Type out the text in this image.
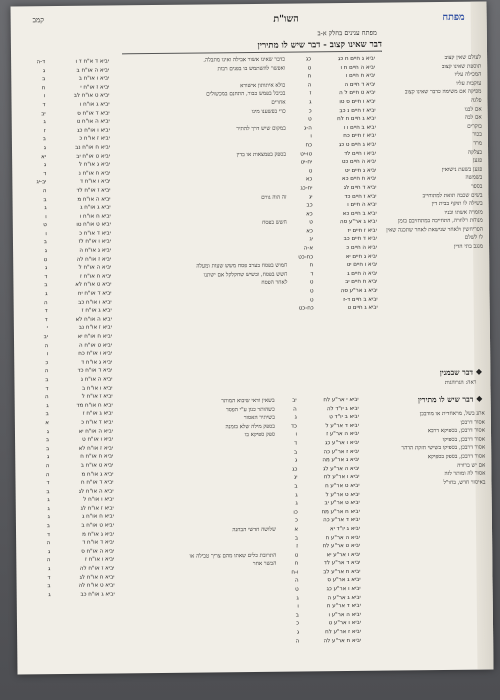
מפתח
השו"ת
קמב
מפתח ענינים בחלק א-ב
דבר שאינו קצוב - דבר שיש לו מתירין
לעולם שאין קצוב
תוספת שאינו קצוב
המכילה עליו
עוקבות עליו
מפיקה אם משימה כדבר שאינו קצוב
פלגה
אם לבנו
אם לבה
בוקרים
בכור
מרד
בצלקה
פגען
פגען בשעת נישואין
בשמשה
בספר
בשים שכבה תואת למתוחייב
בשילה לו תוקף בבית דין
מזמרה אשתו ובניו
מנוחת רלוזרה, התחייבה במתחזיבם בזמן
הפריחשין ולאחר שגישאת לאחר שתכנה שאין
לו לשלם
מנגב בתי הדין
❖ דבר שבמנין
ראה: הגרוהגות
❖ דבר שיש לו מתירין
אתנ בשל, מראחדית או מודבכן
אסור דרבכן
אסור דרבכן, בספיקא דרבא
אסור דרבכן, בספיקו
אסור דרבכן, בספיקו בשישי חזקת הדהר
אסור דרבכן, בספק בספיקא
אם יש ברורה
אסור לה ומותר לזה
באיסור חדש, בחו"ל
יביא ג חיים ח כג
יביא ה חיים ח ו
יביא ח חיים ו
יביא ד חיים ה
יביא ט חיים ל ה
יביא ו חיים ס טו
יביא ז חיים נ כב
יביא ג חיים ח לח
יביא ב חיים ו ו
יביא ז חיים כח
יביא ג חיים ט כג
יביא ו חיים לד
יביא ה חיים כט
יביא ג חיים יט
יביא ח חיים כא
יביא ד חיים לג
יביא ז חיים כד
יביא ה חיים ו
יביא ב חיים כא
יביא ג אר"ע סה
יביא ז חיים יז
יביא ד חיים כב
יביא ה חיים כ
יביא ג חיים יא
יביא ו חיים יט
יביא ה חיים ג
יביא ח חיים יב
יביא ג אר"ע סה
יביא ב חיים ד-ז
יביא ג חיים ט
כג
ט
ח
ה
ז
ג
כ
ט
ה-ג
ו
כח
טו-יט
יח-יט
ט
כא
יח-כג
יג
כב
כא
ט
כא
יג
א-ה
כח-כט
ח
ד
ט
ט
ט
כח-כט
כדבר שאינו אשור אבילה ואינו מתבלה.
ואפשר להשתמש בו בפנים רבות
כולא איתותון אישורא
בכיבל בפמש כבור, התחנם במכשולים
אחרים
כדי בפשענו מינו
במקום שיש דרך להתיר
בספק בפמצאות או בדין
זה הוה גורם
חשש בפסח
חמוש בפסח בערב פסח משש שעות ומעלה
חשש בפסח, ובשיש שחקלקל אם ישתנו
לאחר הפסח
יביא י אר"ע לח
יביא ג יו"ד לה
יביא ב יו"ד ט
יביא ד אר"ע ל
יביא ה אר"ע ז
יביא ו אר"ע כג
יביא ז אר"ע כה
יביא ג אר"ע מה
יביא ה אר"ע לג
יביא ו אר"ע לח
יביא ט אר"ע ח
יביא ט אר"ע ל
יביא ט אר"ע יב
יביא ח אר"ע מח
יביא ד אר"ע כה
יביא ג יו"ד יא
יביא ה אר"ע ח
יביא ט אר"ע לח
יביא ו אר"ע יא
יביא ד אר"ע לד
יביא ח אר"ע לב
יביא ג אר"ע ס
יביא ו אר"ע כג
יביא ג אר"ע ה
יביא ד אר"ע ח
יביא ה אר"ע ו
יביא ו אר"ע ט
יביא ז אר"ע לח
יביא ח אר"ע לה
יב
ה
ג
כד
ו
ד
ב
ג
כג
יג
ב
ג
ג
כו
כ
א
ב
ז
ט
ח
ו-ח
ה
ט
ג
ו
ב
כ
ג
ה
בשאין ודאי שיבוא המותר
כשהותר כגון ע"י הפסד
בשיתיר האסור
בספק מילה שלא בזמנה
ספק ספיקא בו
שלושה חדשי הבחנה
התרובת כלים שאתו מהם צריך טבילה או
הכשר אחר
יביא ד א"ח ד ו
יביא ה או"ח ב
יביא ו או"ח ב
יביא ז או"ח י
יביא ט או"ח לב
יביא ג או"ח ו
יביא ד או"ח ס
יביא ה או"ח ט
יביא ו או"ח כג
יביא ז או"ח כ
יביא ח או"ח נב
יביא ט או"ח יב
יביא ג או"ח ל
יביא ח או"ח נ
יביא ו או"ח ד
יביא ז או"ח לד
יביא ה או"ח מ
יביא ג או"ח ג
יביא ח או"ח ו
יביא ט או"ח טו
יביא ד או"ח כ
יביא ו או"ח לז
יביא ג או"ח ה
יביא ז או"ח לה
יביא ה או"ח ל
יביא ח או"ח ז
יביא ט או"ח לא
יביא ד או"ח יח
יביא ו או"ח כב
יביא ג או"ח ז
יביא ה או"ח לא
יביא ז או"ח נב
יביא ח או"ח יא
יביא ט או"ח ה
יביא ו או"ח כח
יביא ג או"ח ד
יביא ד או"ח כד
יביא ה או"ח ג
יביא ו או"ח ב
יביא ז או"ח ל
יביא ח או"ח מד
יביא ג או"ח ז
יביא ד או"ח כ
יביא ה או"ח יא
יביא ו או"ח ט
יביא ז או"ח לא
יביא ח או"ח ח
יביא ט או"ח ב
יביא ג או"ח מ
יביא ד או"ח ח
יביא ה או"ח לג
יביא ו או"ח ל
יביא ז או"ח לג
יביא ח או"ח ג
יביא ט או"ח ב
יביא ג או"ח מ
יביא ד או"ח ד
יביא ה או"ח ס
יביא ו או"ח ז
יביא ז או"ח לה
יביא ח או"ח לג
יביא ט או"ח לה
יביא ג או"ח כב
ד-ה
ג
ב
ח
ו
ד
יב
ג
ז
ב
ג
יא
ג
ד
יב-יג
ה
ב
ג
ו
ט
ו
ב
ג
ט
ג
ד
ב
ג
ה
ד
ד
י
יב
ה
ו
כ
ה
ב
ד
ה
ג
ב
א
ג
ב
ב
ג
ה
ה
ד
ב
ג
ג
ג
ב
ד
ה
ג
ה
ג
ד
ב
ג
